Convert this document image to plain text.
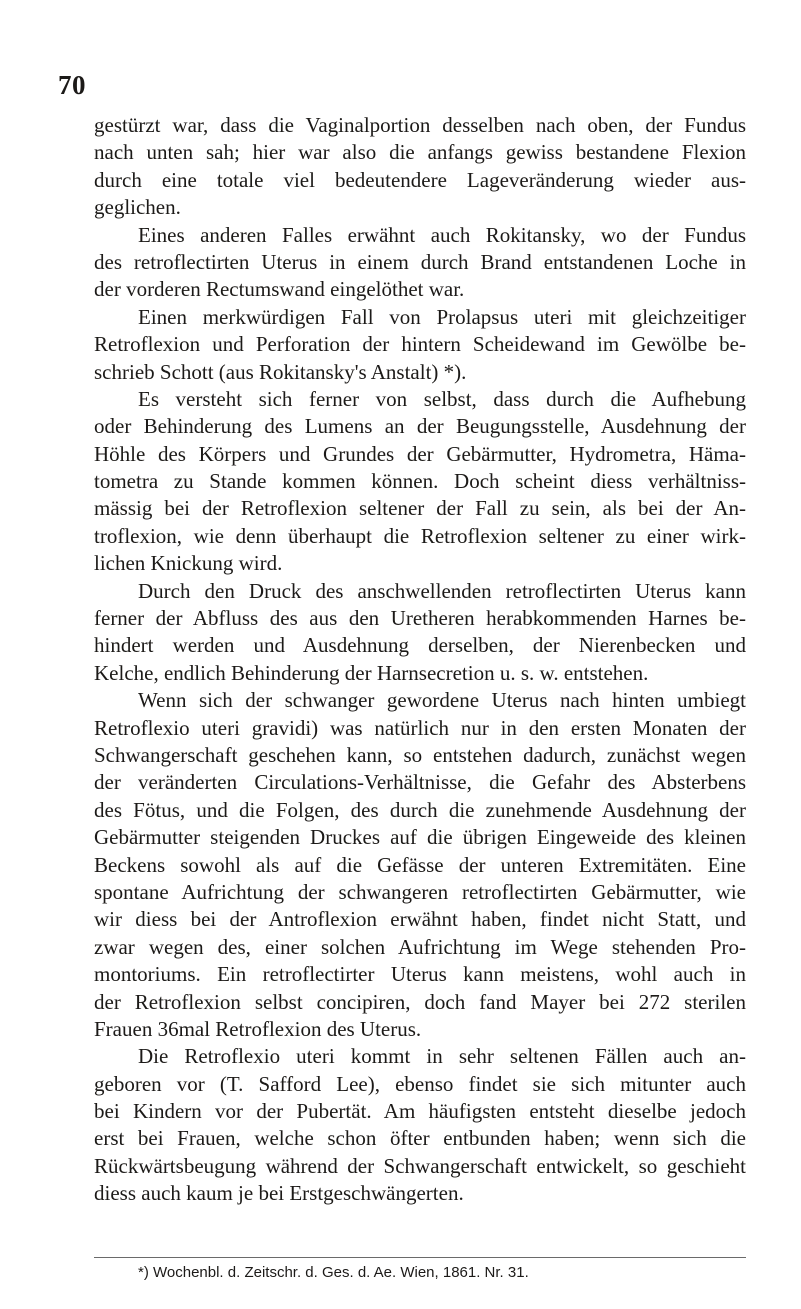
70
gestürzt war, dass die Vaginalportion desselben nach oben, der Fundus
nach unten sah; hier war also die anfangs gewiss bestandene Flexion
durch eine totale viel bedeutendere Lageveränderung wieder aus-
geglichen.
Eines anderen Falles erwähnt auch Rokitansky, wo der Fundus
des retroflectirten Uterus in einem durch Brand entstandenen Loche in
der vorderen Rectumswand eingelöthet war.
Einen merkwürdigen Fall von Prolapsus uteri mit gleichzeitiger
Retroflexion und Perforation der hintern Scheidewand im Gewölbe be-
schrieb Schott (aus Rokitansky's Anstalt) *).
Es versteht sich ferner von selbst, dass durch die Aufhebung
oder Behinderung des Lumens an der Beugungsstelle, Ausdehnung der
Höhle des Körpers und Grundes der Gebärmutter, Hydrometra, Häma-
tometra zu Stande kommen können. Doch scheint diess verhältniss-
mässig bei der Retroflexion seltener der Fall zu sein, als bei der An-
troflexion, wie denn überhaupt die Retroflexion seltener zu einer wirk-
lichen Knickung wird.
Durch den Druck des anschwellenden retroflectirten Uterus kann
ferner der Abfluss des aus den Uretheren herabkommenden Harnes be-
hindert werden und Ausdehnung derselben, der Nierenbecken und
Kelche, endlich Behinderung der Harnsecretion u. s. w. entstehen.
Wenn sich der schwanger gewordene Uterus nach hinten umbiegt
Retroflexio uteri gravidi) was natürlich nur in den ersten Monaten der
Schwangerschaft geschehen kann, so entstehen dadurch, zunächst wegen
der veränderten Circulations-Verhältnisse, die Gefahr des Absterbens
des Fötus, und die Folgen, des durch die zunehmende Ausdehnung der
Gebärmutter steigenden Druckes auf die übrigen Eingeweide des kleinen
Beckens sowohl als auf die Gefässe der unteren Extremitäten. Eine
spontane Aufrichtung der schwangeren retroflectirten Gebärmutter, wie
wir diess bei der Antroflexion erwähnt haben, findet nicht Statt, und
zwar wegen des, einer solchen Aufrichtung im Wege stehenden Pro-
montoriums. Ein retroflectirter Uterus kann meistens, wohl auch in
der Retroflexion selbst concipiren, doch fand Mayer bei 272 sterilen
Frauen 36mal Retroflexion des Uterus.
Die Retroflexio uteri kommt in sehr seltenen Fällen auch an-
geboren vor (T. Safford Lee), ebenso findet sie sich mitunter auch
bei Kindern vor der Pubertät. Am häufigsten entsteht dieselbe jedoch
erst bei Frauen, welche schon öfter entbunden haben; wenn sich die
Rückwärtsbeugung während der Schwangerschaft entwickelt, so geschieht
diess auch kaum je bei Erstgeschwängerten.
*) Wochenbl. d. Zeitschr. d. Ges. d. Ae. Wien, 1861. Nr. 31.
